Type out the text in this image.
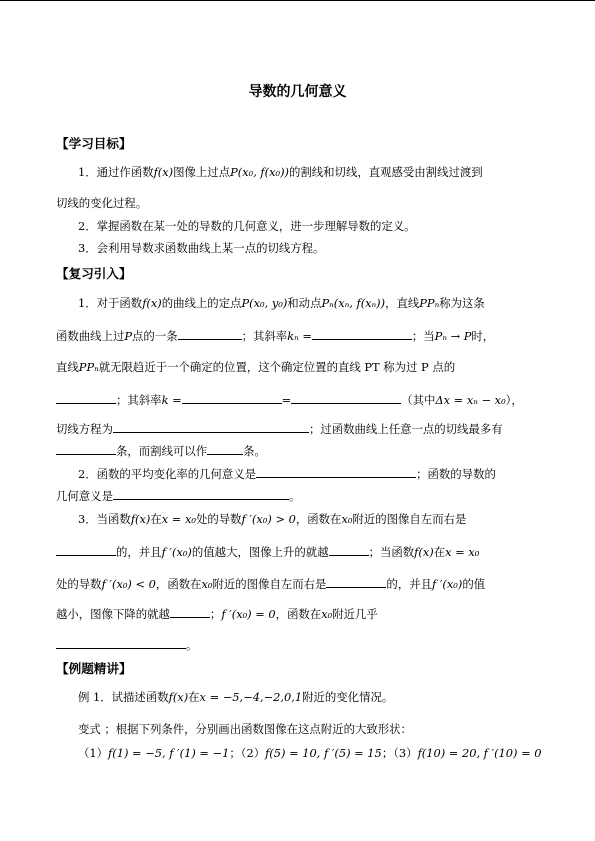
导数的几何意义
【学习目标】
1．通过作函数f(x)图像上过点P(x₀, f(x₀))的割线和切线，直观感受由割线过渡到
切线的变化过程。
2．掌握函数在某一处的导数的几何意义，进一步理解导数的定义。
3．会利用导数求函数曲线上某一点的切线方程。
【复习引入】
1．对于函数f(x)的曲线上的定点P(x₀, y₀)和动点Pₙ(xₙ, f(xₙ))，直线PPₙ称为这条
函数曲线上过P点的一条	；其斜率kₙ =	；当Pₙ → P时，
直线PPₙ就无限趋近于一个确定的位置，这个确定位置的直线 PT 称为过 P 点的
；其斜率k =	=	（其中Δx = xₙ − x₀），
切线方程为	；过函数曲线上任意一点的切线最多有
条，而割线可以作	条。
2．函数的平均变化率的几何意义是	；函数的导数的
几何意义是	。
3．当函数f(x)在x = x₀处的导数f ′(x₀) > 0，函数在x₀附近的图像自左而右是
的，并且f ′(x₀)的值越大，图像上升的就越	；当函数f(x)在x = x₀
处的导数f ′(x₀) < 0，函数在x₀附近的图像自左而右是	的，并且f ′(x₀)的值
越小，图像下降的就越	；f ′(x₀) = 0，函数在x₀附近几乎
。
【例题精讲】
例 1．试描述函数f(x)在x = −5,−4,−2,0,1附近的变化情况。
变式 ；根据下列条件，分别画出函数图像在这点附近的大致形状：
（1）f(1) = −5, f ′(1) = −1；（2）f(5) = 10, f ′(5) = 15；（3）f(10) = 20, f ′(10) = 0
